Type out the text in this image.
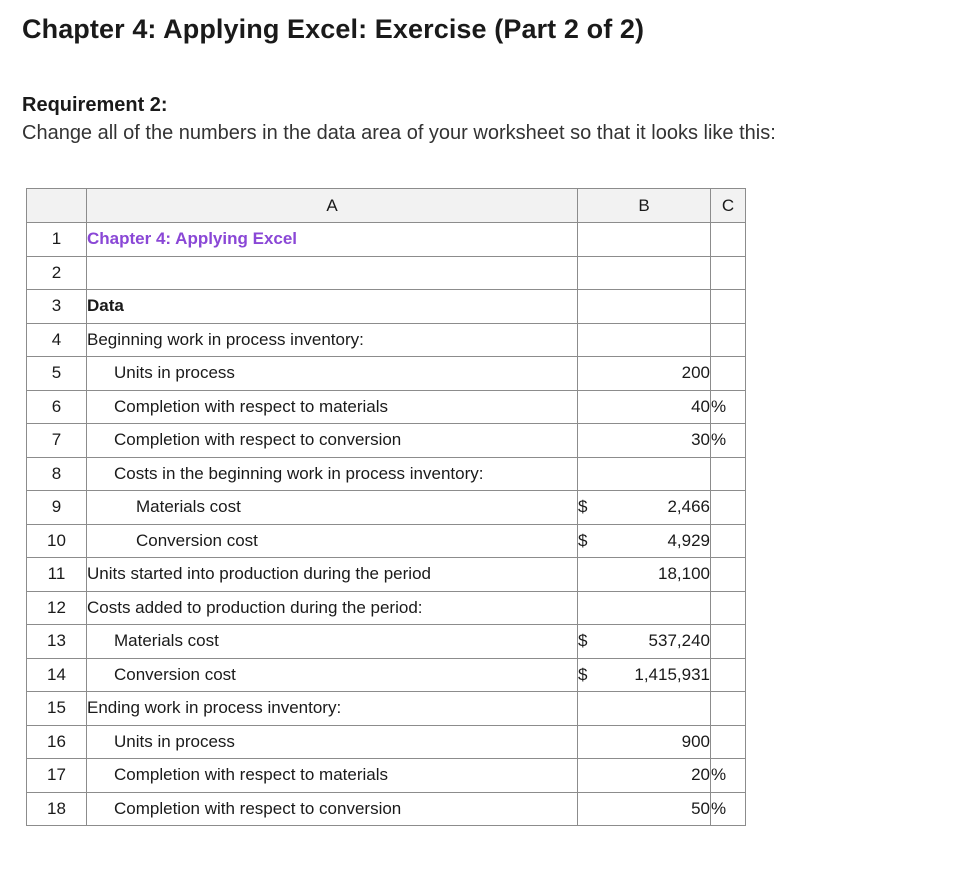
Chapter 4: Applying Excel: Exercise (Part 2 of 2)
Requirement 2:
Change all of the numbers in the data area of your worksheet so that it looks like this:
	A	B	C
1	Chapter 4: Applying Excel	

2		

3	Data	

4	Beginning work in process inventory:	

5	Units in process	200	

6	Completion with respect to materials	40	%
7	Completion with respect to conversion	30	%
8	Costs in the beginning work in process inventory:	

9	Materials cost	$ 2,466	

10	Conversion cost	$ 4,929	

11	Units started into production during the period	18,100	

12	Costs added to production during the period:	

13	Materials cost	$ 537,240	

14	Conversion cost	$ 1,415,931	

15	Ending work in process inventory:	

16	Units in process	900	

17	Completion with respect to materials	20	%
18	Completion with respect to conversion	50	%
